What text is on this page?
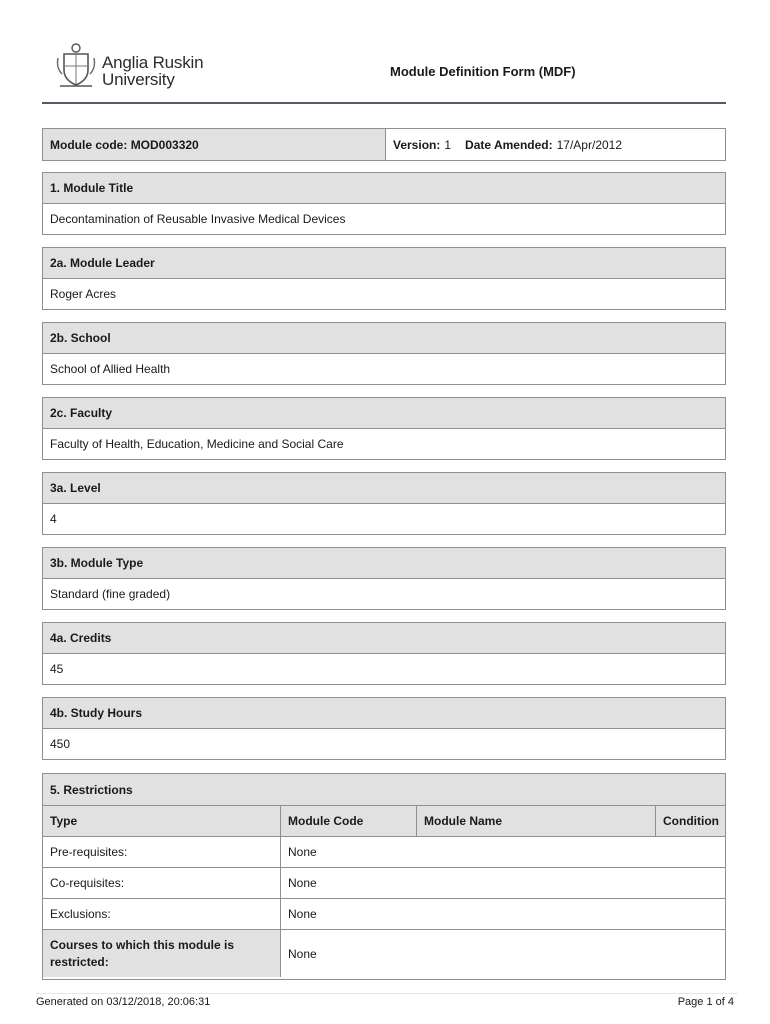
Anglia Ruskin
University	Module Definition Form (MDF)
Module code:
MOD003320	Version: 1 Date Amended: 17/Apr/2012
1. Module Title
Decontamination of Reusable Invasive Medical Devices
2a. Module Leader
Roger Acres
2b. School
School of Allied Health
2c. Faculty
Faculty of Health, Education, Medicine and Social Care
3a. Level
4
3b. Module Type
Standard (fine graded)
4a. Credits
45
4b. Study Hours
450
5. Restrictions
Type	Module Code	Module Name	Condition
Pre-requisites:	None
Co-requisites:	None
Exclusions:	None
Courses to which this module is restricted:
None
Generated on 03/12/2018, 20:06:31	Page 1 of 4
